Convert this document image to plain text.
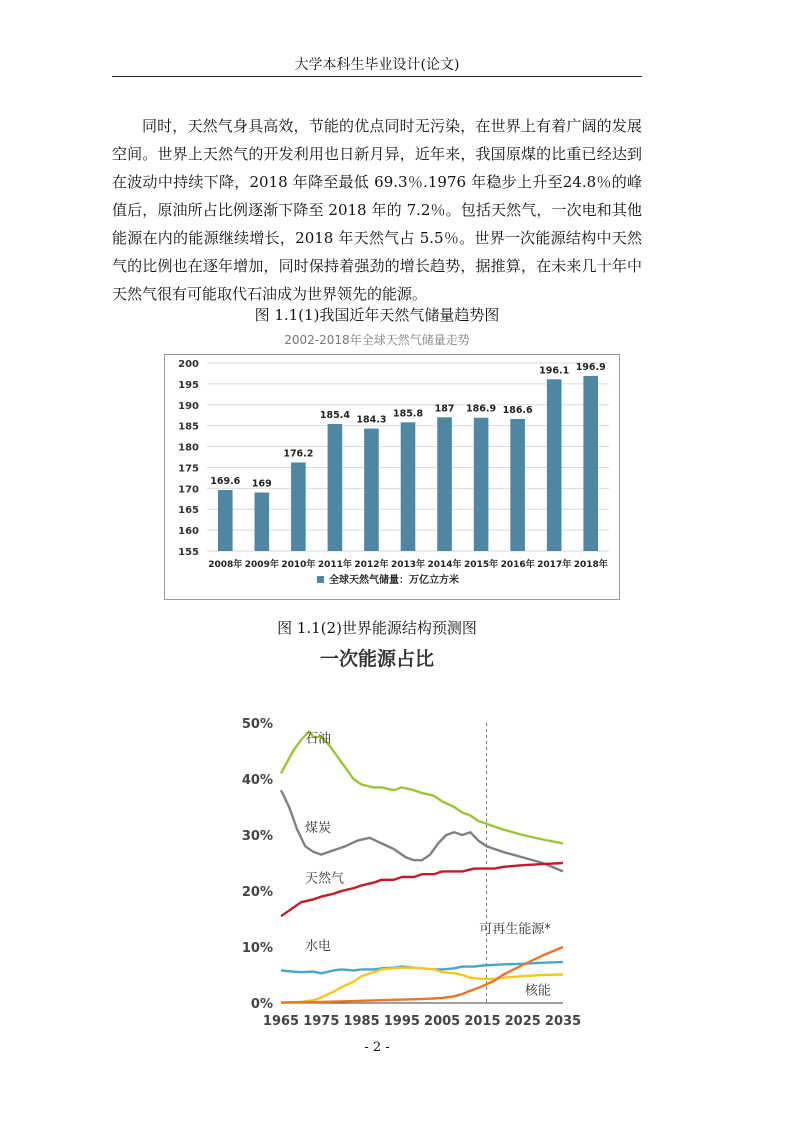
大学本科生毕业设计(论文)

同时，天然气身具高效，节能的优点同时无污染，在世界上有着广阔的发展空间。世界上天然气的开发利用也日新月异，近年来，我国原煤的比重已经达到在波动中持续下降，2018 年降至最低 69.3％.1976 年稳步上升至24.8％的峰值后，原油所占比例逐渐下降至 2018 年的 7.2％。包括天然气，一次电和其他能源在内的能源继续增长，2018 年天然气占 5.5％。世界一次能源结构中天然气的比例也在逐年增加，同时保持着强劲的增长趋势，据推算，在未来几十年中天然气很有可能取代石油成为世界领先的能源。

图 1.1(1)我国近年天然气储量趋势图
2002-2018年全球天然气储量走势
155
160
165
170
175
180
185
190
195
200
169.6
2008年
169
2009年
176.2
2010年
185.4
2011年
184.3
2012年
185.8
2013年
187
2014年
186.9
2015年
186.6
2016年
196.1
2017年
196.9
2018年
全球天然气储量：万亿立方米
图 1.1(2)世界能源结构预测图
一次能源占比
0%
10%
20%
30%
40%
50%
1965 1975 1985 1995 2005 2015 2025 2035
石油
煤炭
天然气
水电
核能
可再生能源*
- 2 -
